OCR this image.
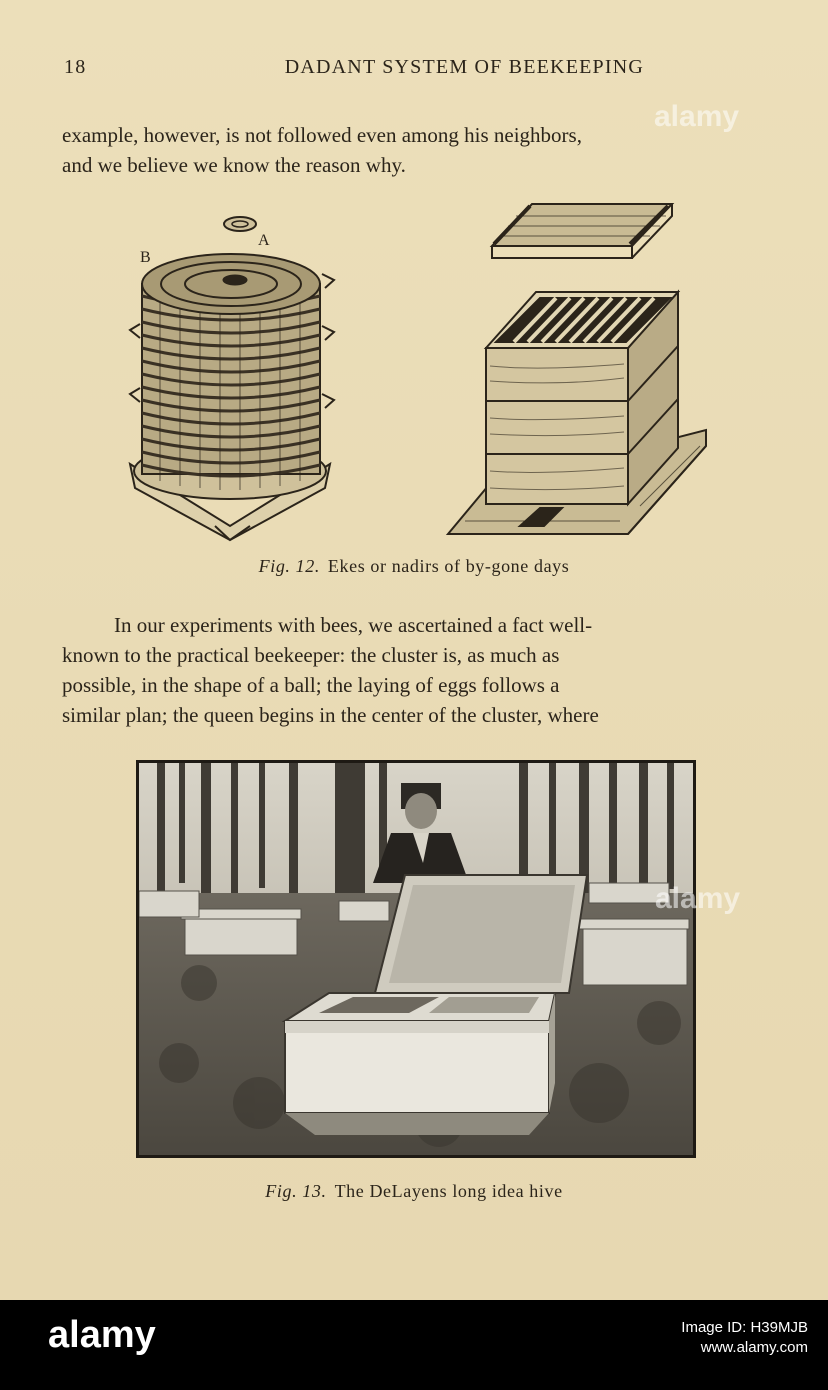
18	DADANT SYSTEM OF BEEKEEPING
example, however, is not followed even among his neighbors,
and we believe we know the reason why.
A
B
Fig. 12. Ekes or nadirs of by-gone days
In our experiments with bees, we ascertained a fact well-
known to the practical beekeeper: the cluster is, as much as
possible, in the shape of a ball; the laying of eggs follows a
similar plan; the queen begins in the center of the cluster, where
Fig. 13. The DeLayens long idea hive
alamy
alamy
alamy	Image ID: H39MJB
www.alamy.com
